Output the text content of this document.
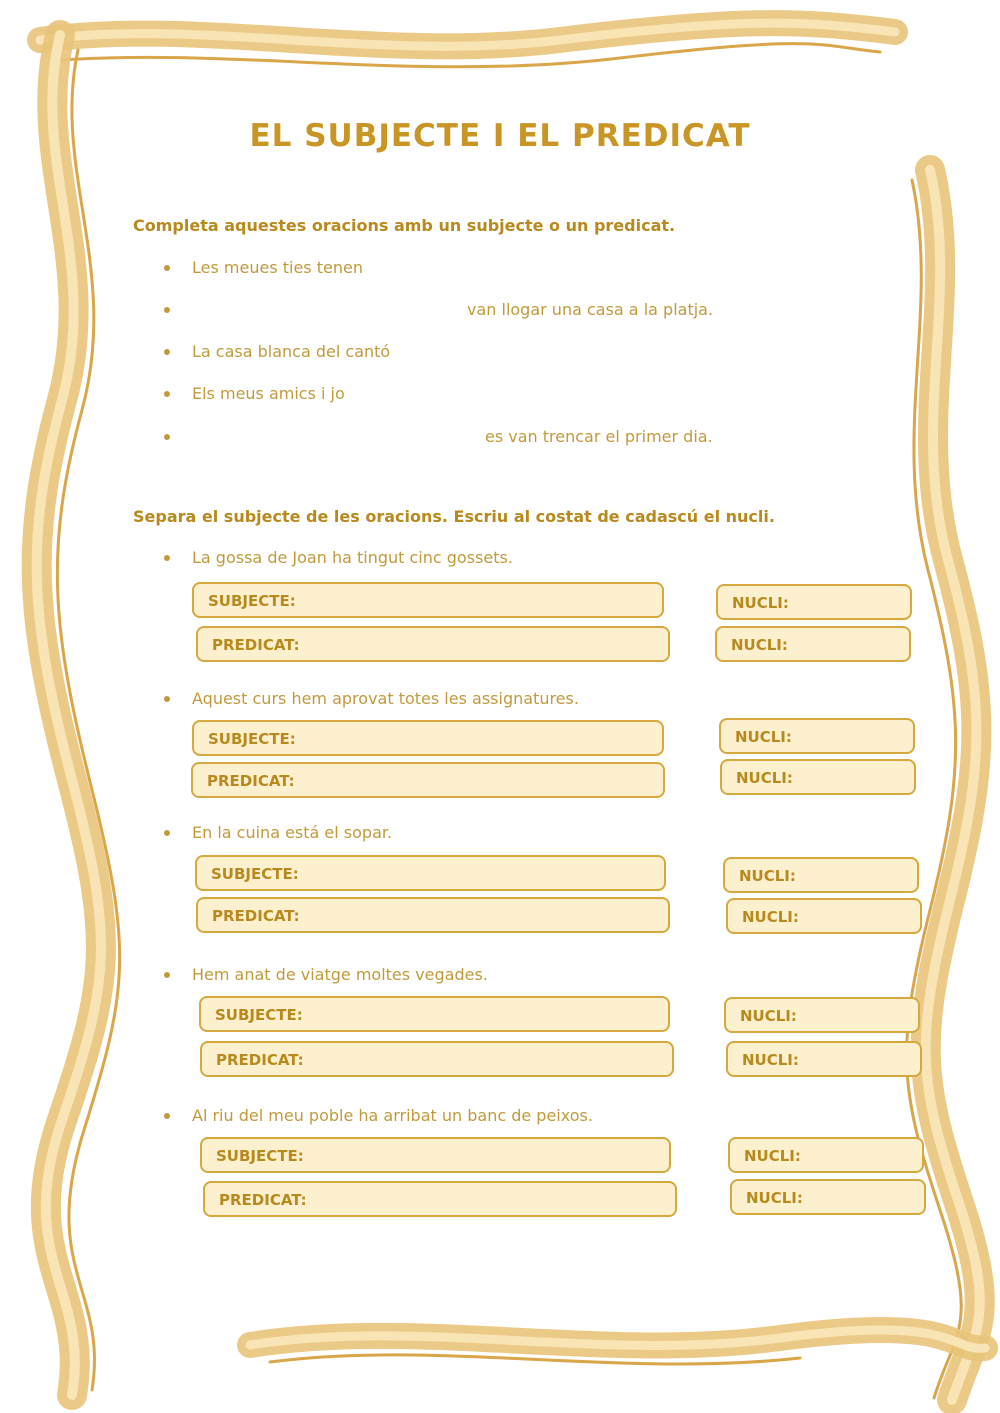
EL SUBJECTE I EL PREDICAT
Completa aquestes oracions amb un subjecte o un predicat.
Les meues ties tenen
van llogar una casa a la platja.
La casa blanca del cantó
Els meus amics i jo
es van trencar el primer dia.
Separa el subjecte de les oracions. Escriu al costat de cadascú el nucli.
La gossa de Joan ha tingut cinc gossets.
SUBJECTE:
PREDICAT:
NUCLI:
NUCLI:
Aquest curs hem aprovat totes les assignatures.
SUBJECTE:
PREDICAT:
NUCLI:
NUCLI:
En la cuina está el sopar.
SUBJECTE:
PREDICAT:
NUCLI:
NUCLI:
Hem anat de viatge moltes vegades.
SUBJECTE:
PREDICAT:
NUCLI:
NUCLI:
Al riu del meu poble ha arribat un banc de peixos.
SUBJECTE:
PREDICAT:
NUCLI:
NUCLI:
